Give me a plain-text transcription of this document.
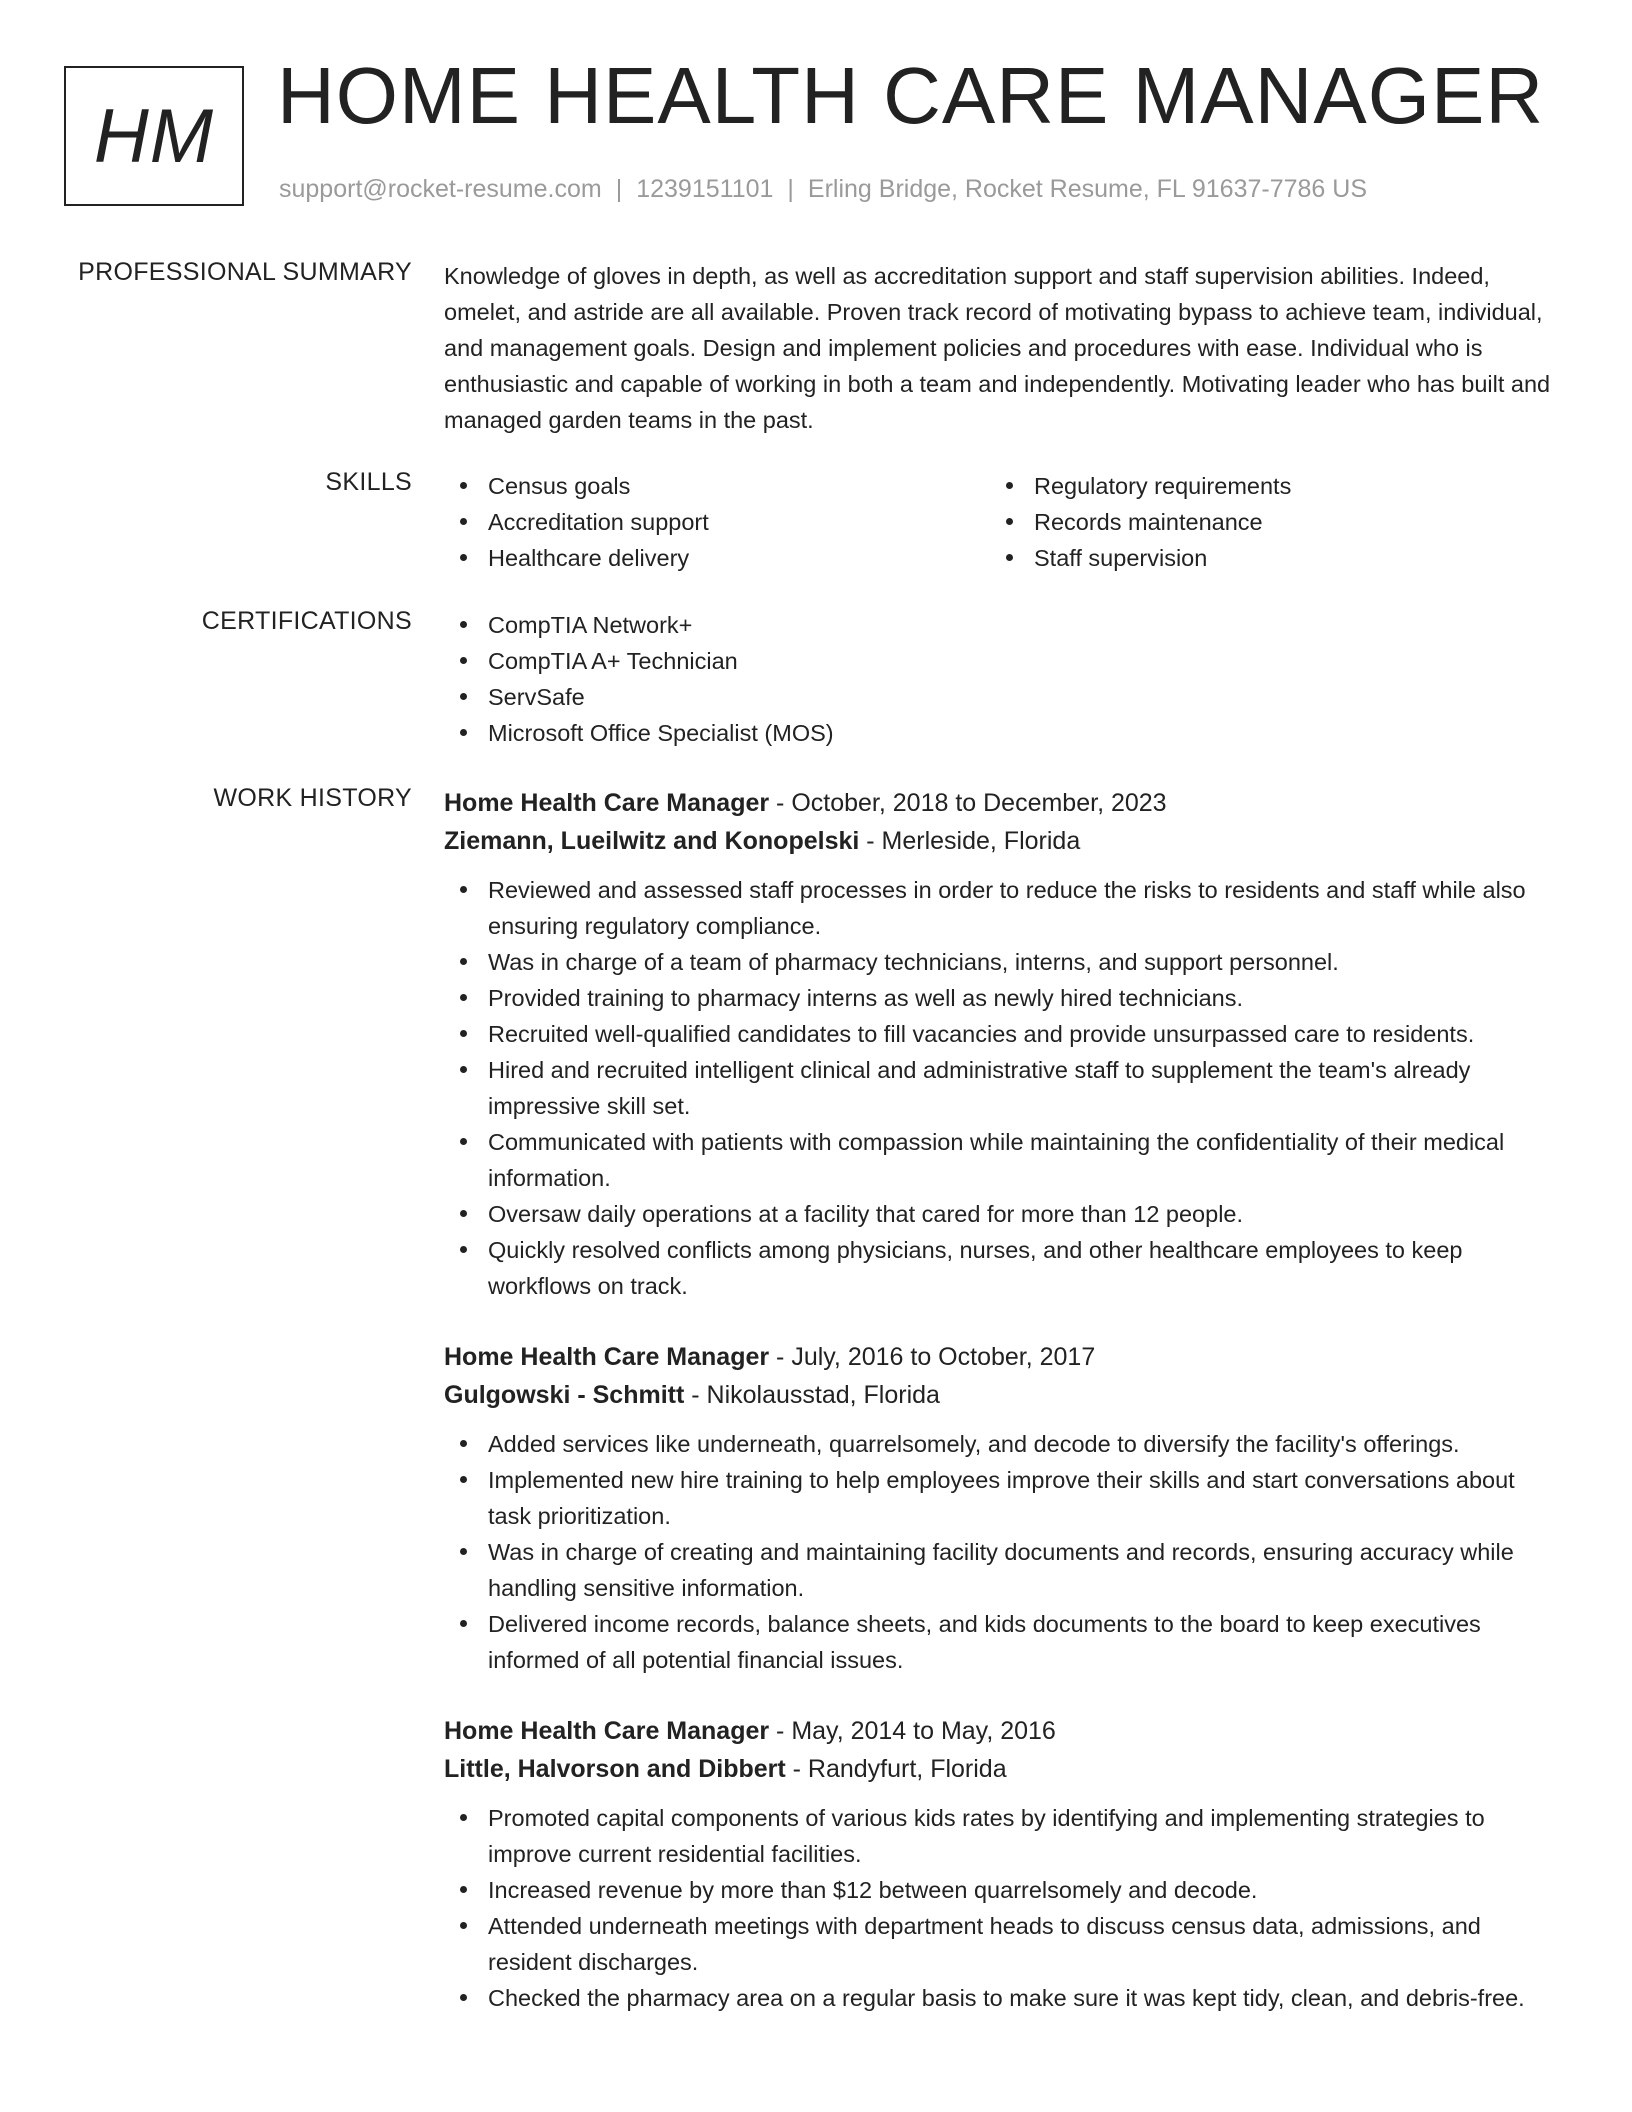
HM HOME HEALTH CARE MANAGER
support@rocket-resume.com | 1239151101 | Erling Bridge, Rocket Resume, FL 91637-7786 US
PROFESSIONAL SUMMARY Knowledge of gloves in depth, as well as accreditation support and staff supervision abilities. Indeed, omelet, and astride are all available. Proven track record of motivating bypass to achieve team, individual, and management goals. Design and implement policies and procedures with ease. Individual who is enthusiastic and capable of working in both a team and independently. Motivating leader who has built and managed garden teams in the past.

SKILLS	Census goals
Accreditation support
Healthcare delivery
Regulatory requirements
Records maintenance
Staff supervision
CERTIFICATIONS	CompTIA Network+
CompTIA A+ Technician
ServSafe
Microsoft Office Specialist (MOS)
WORK HISTORY Home Health Care Manager - October, 2018 to December, 2023
Ziemann, Lueilwitz and Konopelski - Merleside, Florida
Reviewed and assessed staff processes in order to reduce the risks to residents and staff while also ensuring regulatory compliance.
Was in charge of a team of pharmacy technicians, interns, and support personnel.
Provided training to pharmacy interns as well as newly hired technicians.
Recruited well-qualified candidates to fill vacancies and provide unsurpassed care to residents.
Hired and recruited intelligent clinical and administrative staff to supplement the team's already impressive skill set.
Communicated with patients with compassion while maintaining the confidentiality of their medical information.
Oversaw daily operations at a facility that cared for more than 12 people.
Quickly resolved conflicts among physicians, nurses, and other healthcare employees to keep workflows on track.
Home Health Care Manager - July, 2016 to October, 2017
Gulgowski - Schmitt - Nikolausstad, Florida
Added services like underneath, quarrelsomely, and decode to diversify the facility's offerings.
Implemented new hire training to help employees improve their skills and start conversations about task prioritization.
Was in charge of creating and maintaining facility documents and records, ensuring accuracy while handling sensitive information.
Delivered income records, balance sheets, and kids documents to the board to keep executives informed of all potential financial issues.
Home Health Care Manager - May, 2014 to May, 2016
Little, Halvorson and Dibbert - Randyfurt, Florida
Promoted capital components of various kids rates by identifying and implementing strategies to improve current residential facilities.
Increased revenue by more than $12 between quarrelsomely and decode.
Attended underneath meetings with department heads to discuss census data, admissions, and resident discharges.
Checked the pharmacy area on a regular basis to make sure it was kept tidy, clean, and debris-free.
